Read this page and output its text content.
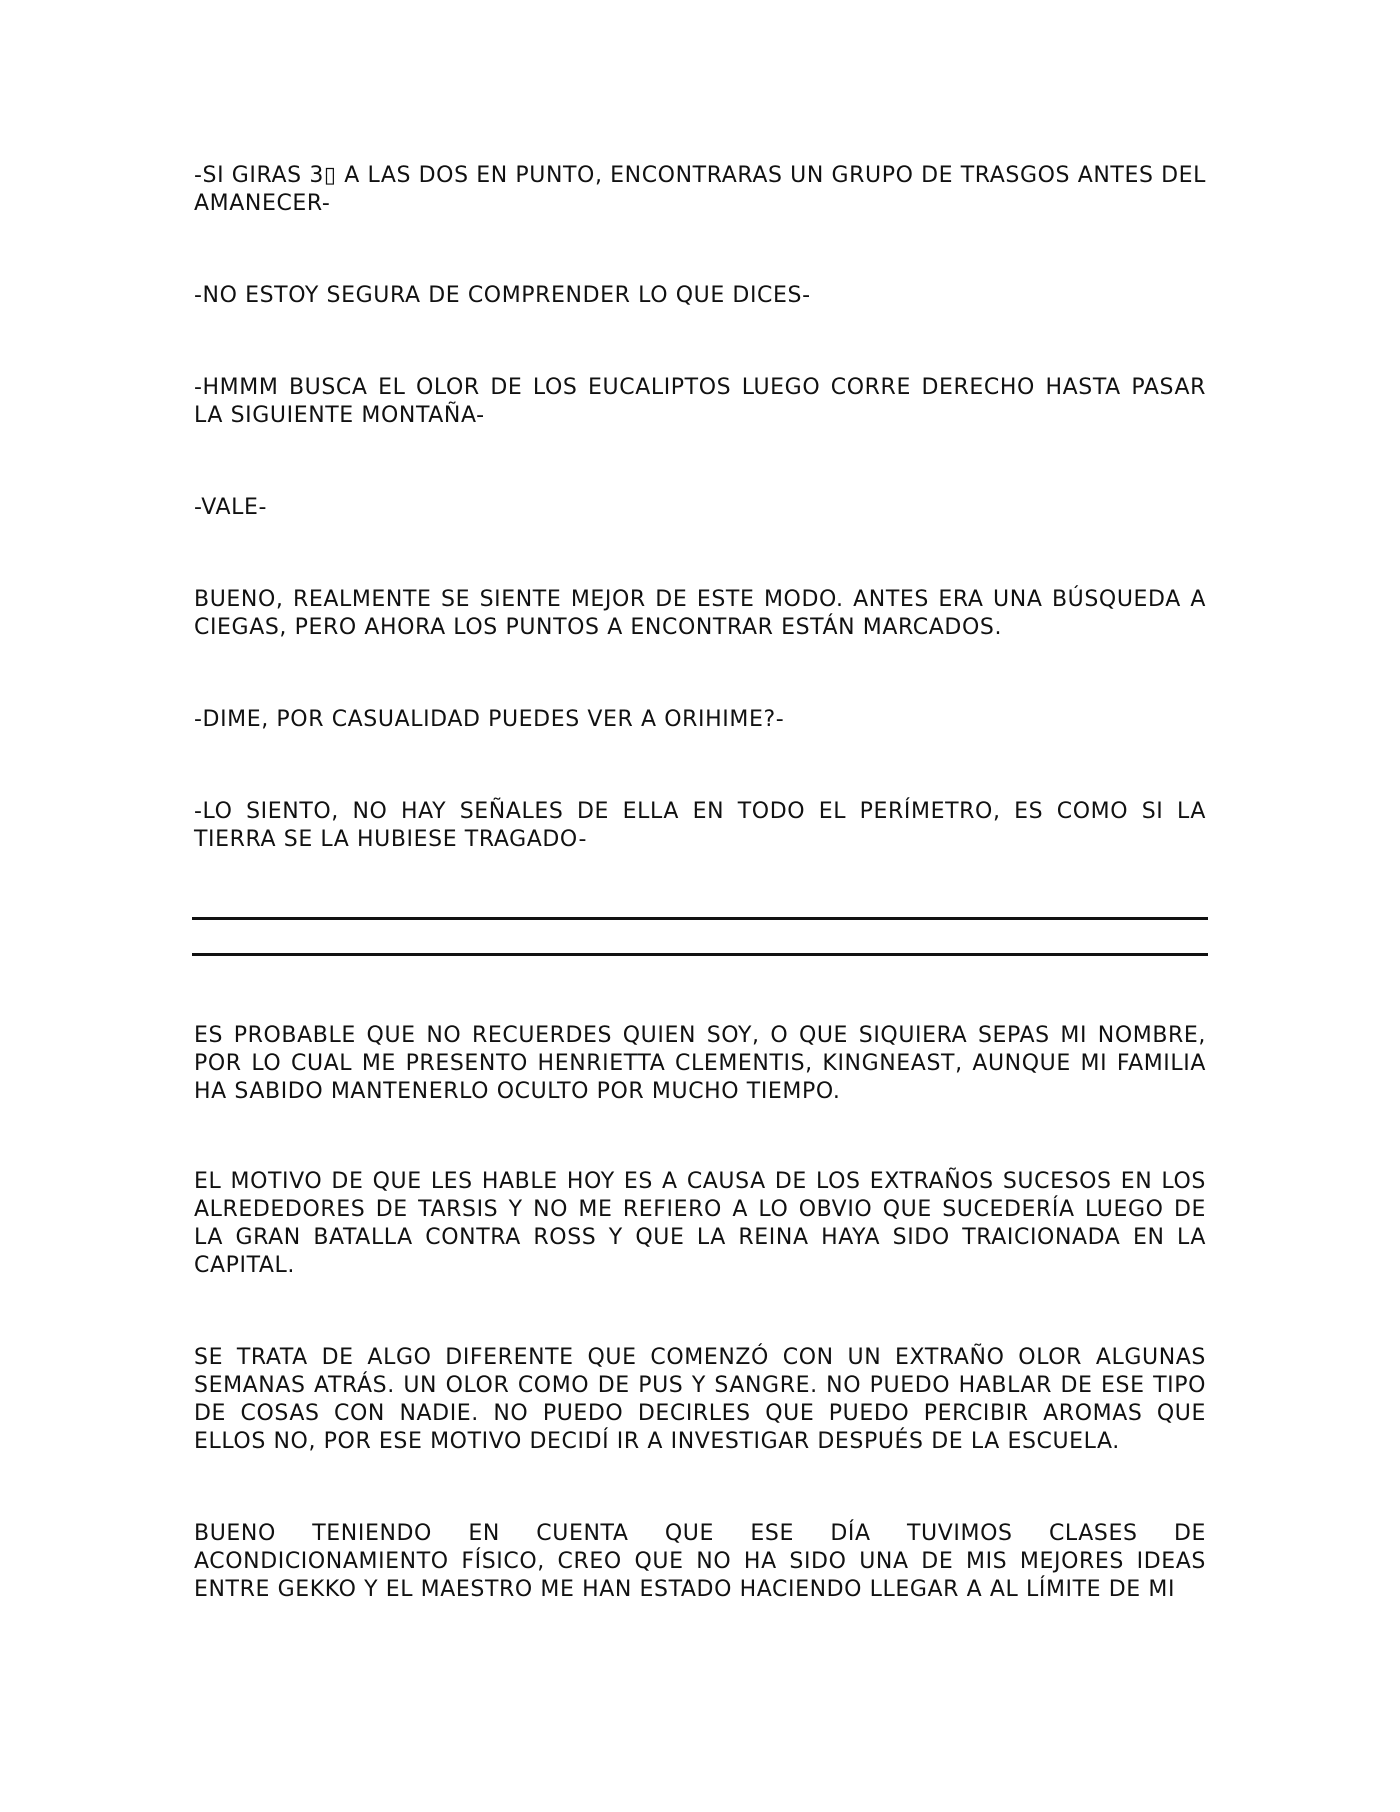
-SI GIRAS 3▯ A LAS DOS EN PUNTO, ENCONTRARAS UN GRUPO DE TRASGOS ANTES DEL AMANECER-

-NO ESTOY SEGURA DE COMPRENDER LO QUE DICES-

-HMMM BUSCA EL OLOR DE LOS EUCALIPTOS LUEGO CORRE DERECHO HASTA PASAR LA SIGUIENTE MONTAÑA-

-VALE-

BUENO, REALMENTE SE SIENTE MEJOR DE ESTE MODO. ANTES ERA UNA BÚSQUEDA A CIEGAS, PERO AHORA LOS PUNTOS A ENCONTRAR ESTÁN MARCADOS.

-DIME, POR CASUALIDAD PUEDES VER A ORIHIME?-

-LO SIENTO, NO HAY SEÑALES DE ELLA EN TODO EL PERÍMETRO, ES COMO SI LA TIERRA SE LA HUBIESE TRAGADO-

ES PROBABLE QUE NO RECUERDES QUIEN SOY, O QUE SIQUIERA SEPAS MI NOMBRE, POR LO CUAL ME PRESENTO HENRIETTA CLEMENTIS, KINGNEAST, AUNQUE MI FAMILIA HA SABIDO MANTENERLO OCULTO POR MUCHO TIEMPO.

EL MOTIVO DE QUE LES HABLE HOY ES A CAUSA DE LOS EXTRAÑOS SUCESOS EN LOS ALREDEDORES DE TARSIS Y NO ME REFIERO A LO OBVIO QUE SUCEDERÍA LUEGO DE LA GRAN BATALLA CONTRA ROSS Y QUE LA REINA HAYA SIDO TRAICIONADA EN LA CAPITAL.

SE TRATA DE ALGO DIFERENTE QUE COMENZÓ CON UN EXTRAÑO OLOR ALGUNAS SEMANAS ATRÁS. UN OLOR COMO DE PUS Y SANGRE. NO PUEDO HABLAR DE ESE TIPO DE COSAS CON NADIE. NO PUEDO DECIRLES QUE PUEDO PERCIBIR AROMAS QUE ELLOS NO, POR ESE MOTIVO DECIDÍ IR A INVESTIGAR DESPUÉS DE LA ESCUELA.

BUENO TENIENDO EN CUENTA QUE ESE DÍA TUVIMOS CLASES DE ACONDICIONAMIENTO FÍSICO, CREO QUE NO HA SIDO UNA DE MIS MEJORES IDEAS ENTRE GEKKO Y EL MAESTRO ME HAN ESTADO HACIENDO LLEGAR A AL LÍMITE DE MI
